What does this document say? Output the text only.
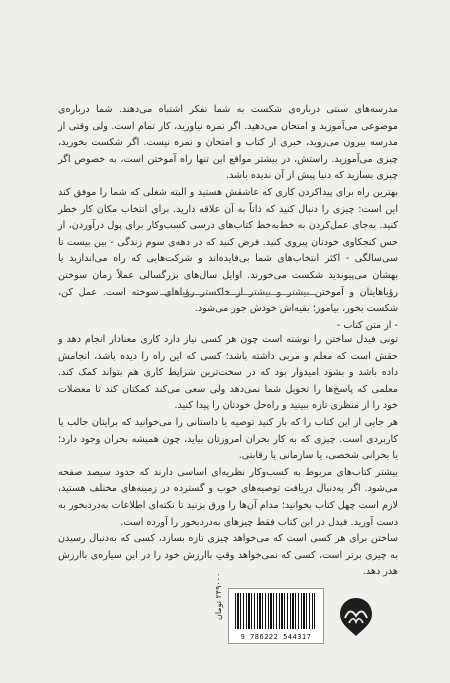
مدرسه‌های سنتی درباره‌ی شکست به شما تفکر اشتباه می‌دهند. شما درباره‌ی موضوعی می‌آموزید و امتحان می‌دهید. اگر نمره نیاورید، کار تمام است. ولی وقتی از مدرسه بیرون می‌روید، خبری از کتاب و امتحان و نمره نیست. اگر شکست بخورید، چیزی می‌آموزید. راستش، در بیشتر مواقع این تنها راه آموختن است، به خصوص اگر چیزی بسازید که دنیا پیش از آن ندیده باشد.

بهترین راه برای پیداکردن کاری که عاشقش هستید و البته شغلی که شما را موفق کند این است: چیزی را دنبال کنید که ذاتاً به آن علاقه دارید. برای انتخاب مکان کار خطر کنید. به‌جای عمل‌کردن به خط‌به‌خط کتاب‌های درسی کسب‌وکار برای پول درآوردن، از حس کنجکاوی خودتان پیروی کنید. فرض کنید که در دهه‌ی سوم زندگی - بین بیست تا سی‌سالگی - اکثر انتخاب‌های شما بی‌فایده‌اند و شرکت‌هایی که راه می‌اندازید یا بهشان می‌پیوندید شکست می‌خورند. اوایل سال‌های بزرگسالی عملاً زمان سوختن رؤیاهایتان و آموختن بیشتر و بیشتر از خاکستر رؤیاهای سوخته است. عمل کن، شکست بخور، بیاموز؛ بقیه‌اش خودش جور می‌شود.

- از متن کتاب -

تونی فیدل ساختن را نوشته است چون هر کسی نیاز دارد کاری معنادار انجام دهد و حقش است که معلم و مربی داشته باشد؛ کسی که این راه را دیده باشد، انجامش داده باشد و بشود امیدوار بود که در سخت‌ترین شرایط کاری هم بتواند کمک کند. معلمی که پاسخ‌ها را تحویل شما نمی‌دهد ولی سعی می‌کند کمکتان کند تا معضلات خود را از منظری تازه ببینید و راه‌حل خودتان را پیدا کنید.

هر جایی از این کتاب را که باز کنید توصیه یا داستانی را می‌خوانید که برایتان جالب یا کاربردی است. چیزی که به کار بحران امروزتان بیاید، چون همیشه بحران وجود دارد؛ یا بحرانی شخصی، یا سازمانی یا رقابتی.

بیشتر کتاب‌های مربوط به کسب‌وکار نظریه‌ای اساسی دارند که حدود سیصد صفحه می‌شود. اگر به‌دنبال دریافت توصیه‌های خوب و گسترده در زمینه‌های مختلف هستید، لازم است چهل کتاب بخوانید؛ مدام آن‌ها را ورق بزنید تا نکته‌ای اطلاعات به‌دردبخور به دست آورید. فیدل در این کتاب فقط چیزهای به‌دردبخور را آورده است.

ساختن برای هر کسی است که می‌خواهد چیزی تازه بسازد، کسی که به‌دنبال رسیدن به چیزی برتر است، کسی که نمی‌خواهد وقتِ باارزش خود را در این سیاره‌ی باارزش هدر دهد.

۲۴۹۰۰۰ تومان
9 786222 544317
